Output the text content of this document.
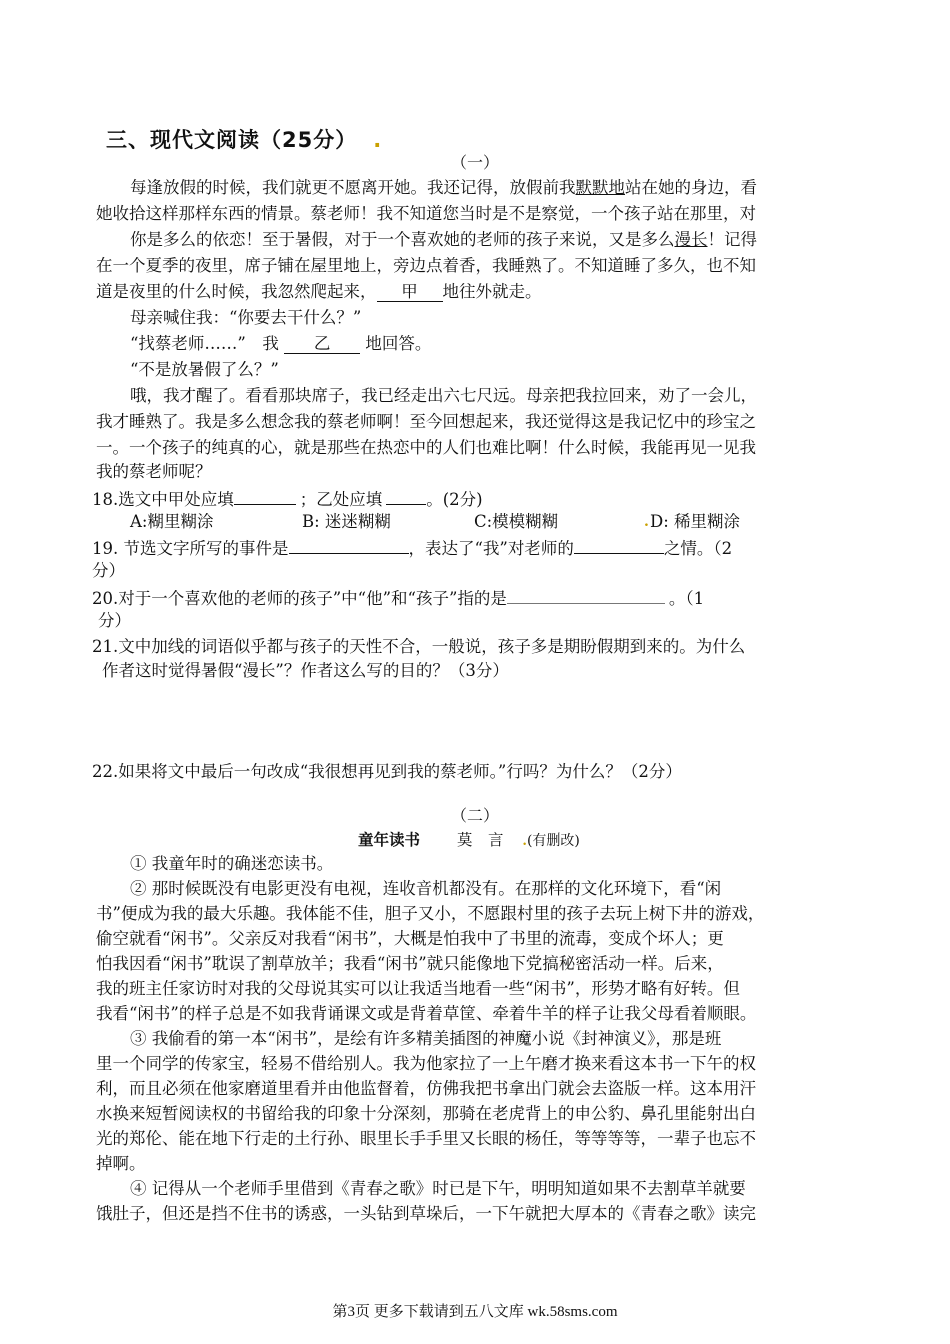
三、现代文阅读（25分） .
（一）
每逢放假的时候，我们就更不愿离开她。我还记得，放假前我默默地站在她的身边，看
她收拾这样那样东西的情景。蔡老师！我不知道您当时是不是察觉，一个孩子站在那里，对
你是多么的依恋！至于暑假，对于一个喜欢她的老师的孩子来说，又是多么漫长！记得
在一个夏季的夜里，席子铺在屋里地上，旁边点着香，我睡熟了。不知道睡了多久，也不知
道是夜里的什么时候，我忽然爬起来， 甲 地往外就走。
母亲喊住我：“你要去干什么？”
“找蔡老师……”　我 乙 地回答。
“不是放暑假了么？”
哦，我才醒了。看看那块席子，我已经走出六七尺远。母亲把我拉回来，劝了一会儿，
我才睡熟了。我是多么想念我的蔡老师啊！至今回想起来，我还觉得这是我记忆中的珍宝之
一。一个孩子的纯真的心，就是那些在热恋中的人们也难比啊！什么时候，我能再见一见我
我的蔡老师呢？
18.选文中甲处应填	；乙处应填	。(2分)
A:糊里糊涂	B: 迷迷糊糊	C:模模糊糊	. D: 稀里糊涂
19. 节选文字所写的事件是	，表达了“我”对老师的	之情。（2
分）
20.对于一个喜欢他的老师的孩子”中“他”和“孩子”指的是	。（1
分）
21.文中加线的词语似乎都与孩子的天性不合，一般说，孩子多是期盼假期到来的。为什么
作者这时觉得暑假“漫长”？作者这么写的目的？（3分）
22.如果将文中最后一句改成“我很想再见到我的蔡老师。”行吗？为什么？（2分）
（二）
童年读书 莫　言 .(有删改)
① 我童年时的确迷恋读书。
② 那时候既没有电影更没有电视，连收音机都没有。在那样的文化环境下，看“闲
书”便成为我的最大乐趣。我体能不佳，胆子又小，不愿跟村里的孩子去玩上树下井的游戏，
偷空就看“闲书”。父亲反对我看“闲书”，大概是怕我中了书里的流毒，变成个坏人；更
怕我因看“闲书”耽误了割草放羊；我看“闲书”就只能像地下党搞秘密活动一样。后来，
我的班主任家访时对我的父母说其实可以让我适当地看一些“闲书”，形势才略有好转。但
我看“闲书”的样子总是不如我背诵课文或是背着草筐、牵着牛羊的样子让我父母看着顺眼。
③ 我偷看的第一本“闲书”，是绘有许多精美插图的神魔小说《封神演义》，那是班
里一个同学的传家宝，轻易不借给别人。我为他家拉了一上午磨才换来看这本书一下午的权
利，而且必须在他家磨道里看并由他监督着，仿佛我把书拿出门就会去盗版一样。这本用汗
水换来短暂阅读权的书留给我的印象十分深刻，那骑在老虎背上的申公豹、鼻孔里能射出白
光的郑伦、能在地下行走的土行孙、眼里长手手里又长眼的杨任，等等等等，一辈子也忘不
掉啊。
④ 记得从一个老师手里借到《青春之歌》时已是下午，明明知道如果不去割草羊就要
饿肚子，但还是挡不住书的诱惑，一头钻到草垛后，一下午就把大厚本的《青春之歌》读完
第3页 更多下载请到五八文库 wk.58sms.com
